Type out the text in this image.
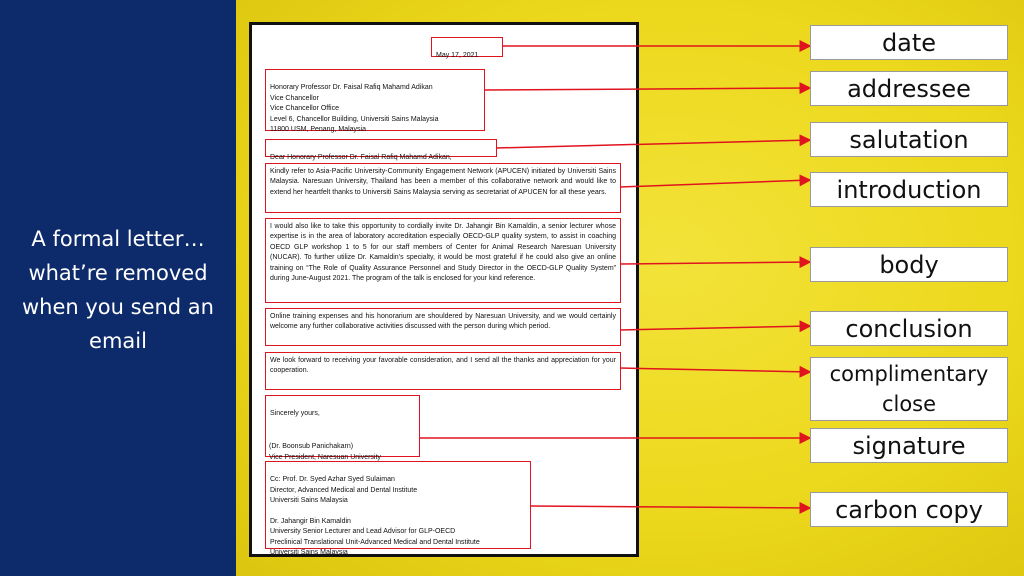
A formal letter…
what’re removed
when you send an
email

May 17, 2021

Honorary Professor Dr. Faisal Rafiq Mahamd Adikan
Vice Chancellor
Vice Chancellor Office
Level 6, Chancellor Building, Universiti Sains Malaysia
11800 USM, Penang, Malaysia

Dear Honorary Professor Dr. Faisal Rafiq Mahamd Adikan,

Kindly refer to Asia-Pacific University-Community Engagement Network (APUCEN) initiated by Universiti Sains Malaysia. Naresuan University, Thailand has been a member of this collaborative network and would like to extend her heartfelt thanks to Universiti Sains Malaysia serving as secretariat of APUCEN for all these years.
I would also like to take this opportunity to cordially invite Dr. Jahangir Bin Kamaldin, a senior lecturer whose expertise is in the area of laboratory accreditation especially OECD-GLP quality system, to assist in coaching OECD GLP workshop 1 to 5 for our staff members of Center for Animal Research Naresuan University (NUCAR). To further utilize Dr. Kamaldin’s specialty, it would be most grateful if he could also give an online training on “The Role of Quality Assurance Personnel and Study Director in the OECD-GLP Quality System” during June-August 2021. The program of the talk is enclosed for your kind reference.
Online training expenses and his honorarium are shouldered by Naresuan University, and we would certainly welcome any further collaborative activities discussed with the person during which period.
We look forward to receiving your favorable consideration, and I send all the thanks and appreciation for your cooperation.

Sincerely yours,

(Dr. Boonsub Panichakarn)
Vice President, Naresuan University

Cc: Prof. Dr. Syed Azhar Syed Sulaiman
Director, Advanced Medical and Dental Institute
Universiti Sains Malaysia

Dr. Jahangir Bin Kamaldin
University Senior Lecturer and Lead Advisor for GLP-OECD
Preclinical Translational Unit-Advanced Medical and Dental Institute
Universiti Sains Malaysia

date
addressee
salutation
introduction
body
conclusion
complimentary
close
signature
carbon copy
